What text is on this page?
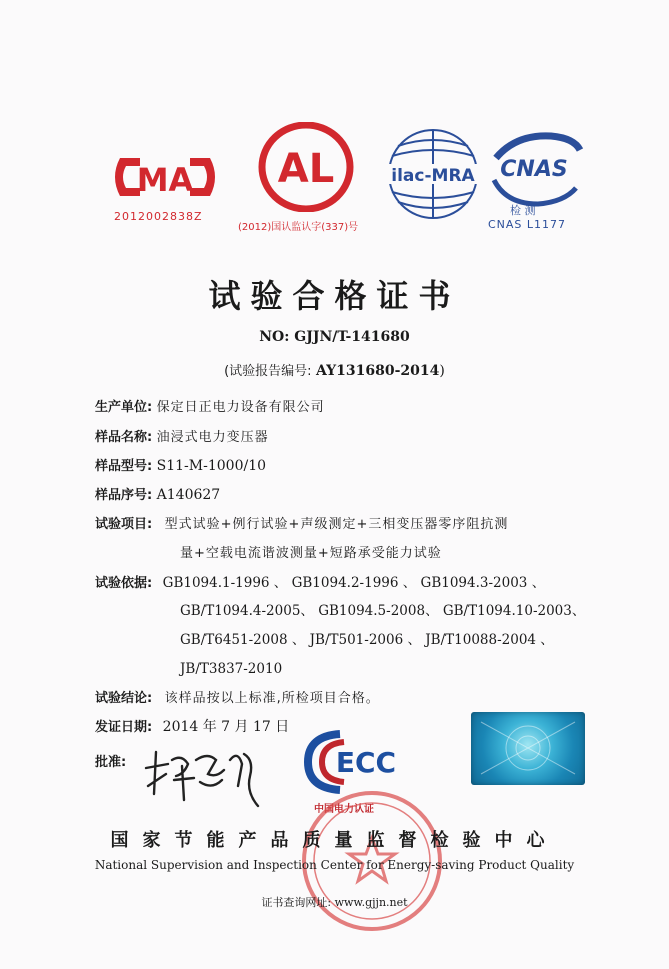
MA
2012002838Z
AL
(2012)国认监认字(337)号
ilac-MRA CNAS
检 测
CNAS L1177
试验合格证书
NO: GJJN/T-141680
(试验报告编号: AY131680-2014)
生产单位: 保定日正电力设备有限公司
样品名称: 油浸式电力变压器
样品型号: S11-M-1000/10
样品序号: A140627
试验项目: 型式试验+例行试验+声级测定+三相变压器零序阻抗测
量+空载电流谐波测量+短路承受能力试验
试验依据: GB1094.1-1996 、 GB1094.2-1996 、 GB1094.3-2003 、
GB/T1094.4-2005、 GB1094.5-2008、 GB/T1094.10-2003、
GB/T6451-2008 、 JB/T501-2006 、 JB/T10088-2004 、
JB/T3837-2010
试验结论: 该样品按以上标准,所检项目合格。
发证日期: 2014 年 7 月 17 日
批准:	ECC
中国电力认证
国家节能产品质量监督检验中心
National Supervision and Inspection Center for Energy-saving Product Quality
证书查询网址: www.gjjn.net
